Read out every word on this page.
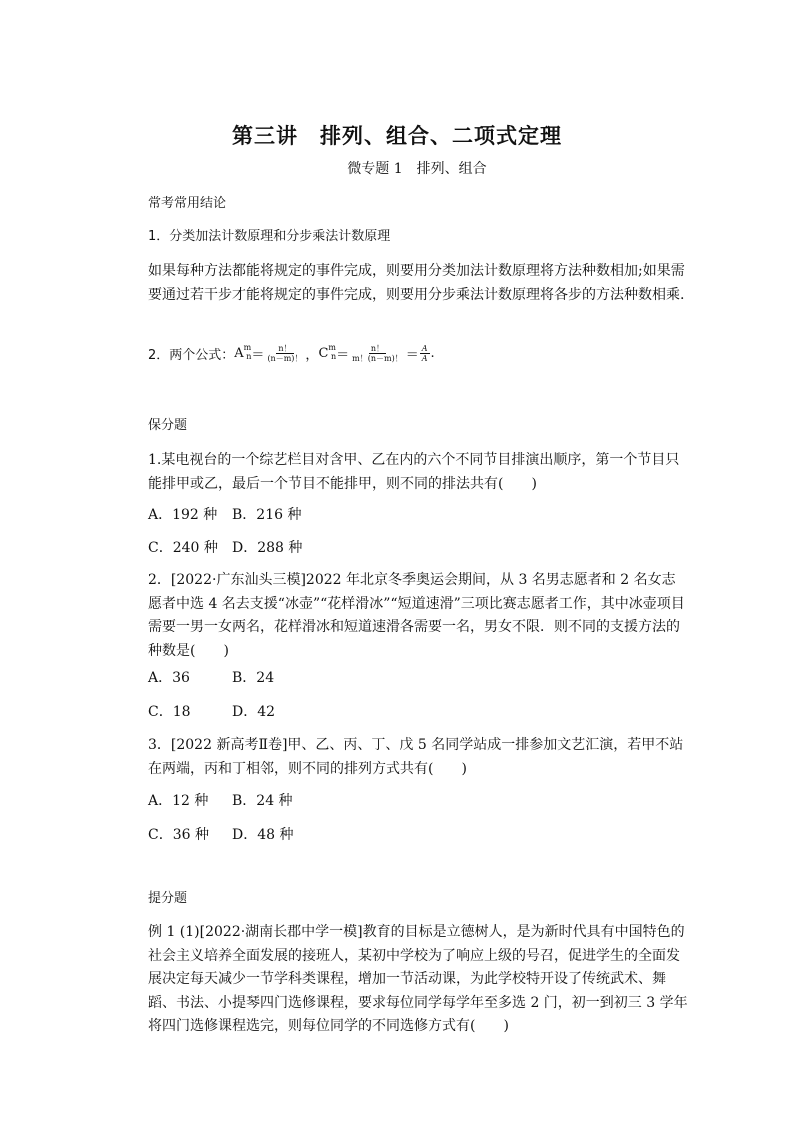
第三讲　排列、组合、二项式定理
微专题 1　排列、组合
常考常用结论
1．分类加法计数原理和分步乘法计数原理
如果每种方法都能将规定的事件完成，则要用分类加法计数原理将方法种数相加;如果需要通过若干步才能将规定的事件完成，则要用分步乘法计数原理将各步的方法种数相乘.
2．两个公式： A m
$n = \frac{n!}{(n-m)!}$ ， C m
$n = \frac{n!}{m!(n-m)!} = \frac{A}{A}$ .
保分题
1.某电视台的一个综艺栏目对含甲、乙在内的六个不同节目排演出顺序，第一个节目只能排甲或乙，最后一个节目不能排甲，则不同的排法共有(　　)
A．192 种 B．216 种
C．240 种 D．288 种
2．[2022·广东汕头三模]2022 年北京冬季奥运会期间，从 3 名男志愿者和 2 名女志愿者中选 4 名去支援“冰壶”“花样滑冰”“短道速滑”三项比赛志愿者工作，其中冰壶项目需要一男一女两名，花样滑冰和短道速滑各需要一名，男女不限．则不同的支援方法的种数是(　　)
A．36	B．24
C．18	D．42
3．[2022 新高考Ⅱ卷]甲、乙、丙、丁、戊 5 名同学站成一排参加文艺汇演，若甲不站在两端，丙和丁相邻，则不同的排列方式共有(　　)
A．12 种 B．24 种
C．36 种 D．48 种
提分题
例 1 (1)[2022·湖南长郡中学一模]教育的目标是立德树人，是为新时代具有中国特色的社会主义培养全面发展的接班人，某初中学校为了响应上级的号召，促进学生的全面发展决定每天减少一节学科类课程，增加一节活动课，为此学校特开设了传统武术、舞蹈、书法、小提琴四门选修课程，要求每位同学每学年至多选 2 门，初一到初三 3 学年将四门选修课程选完，则每位同学的不同选修方式有(　　)
